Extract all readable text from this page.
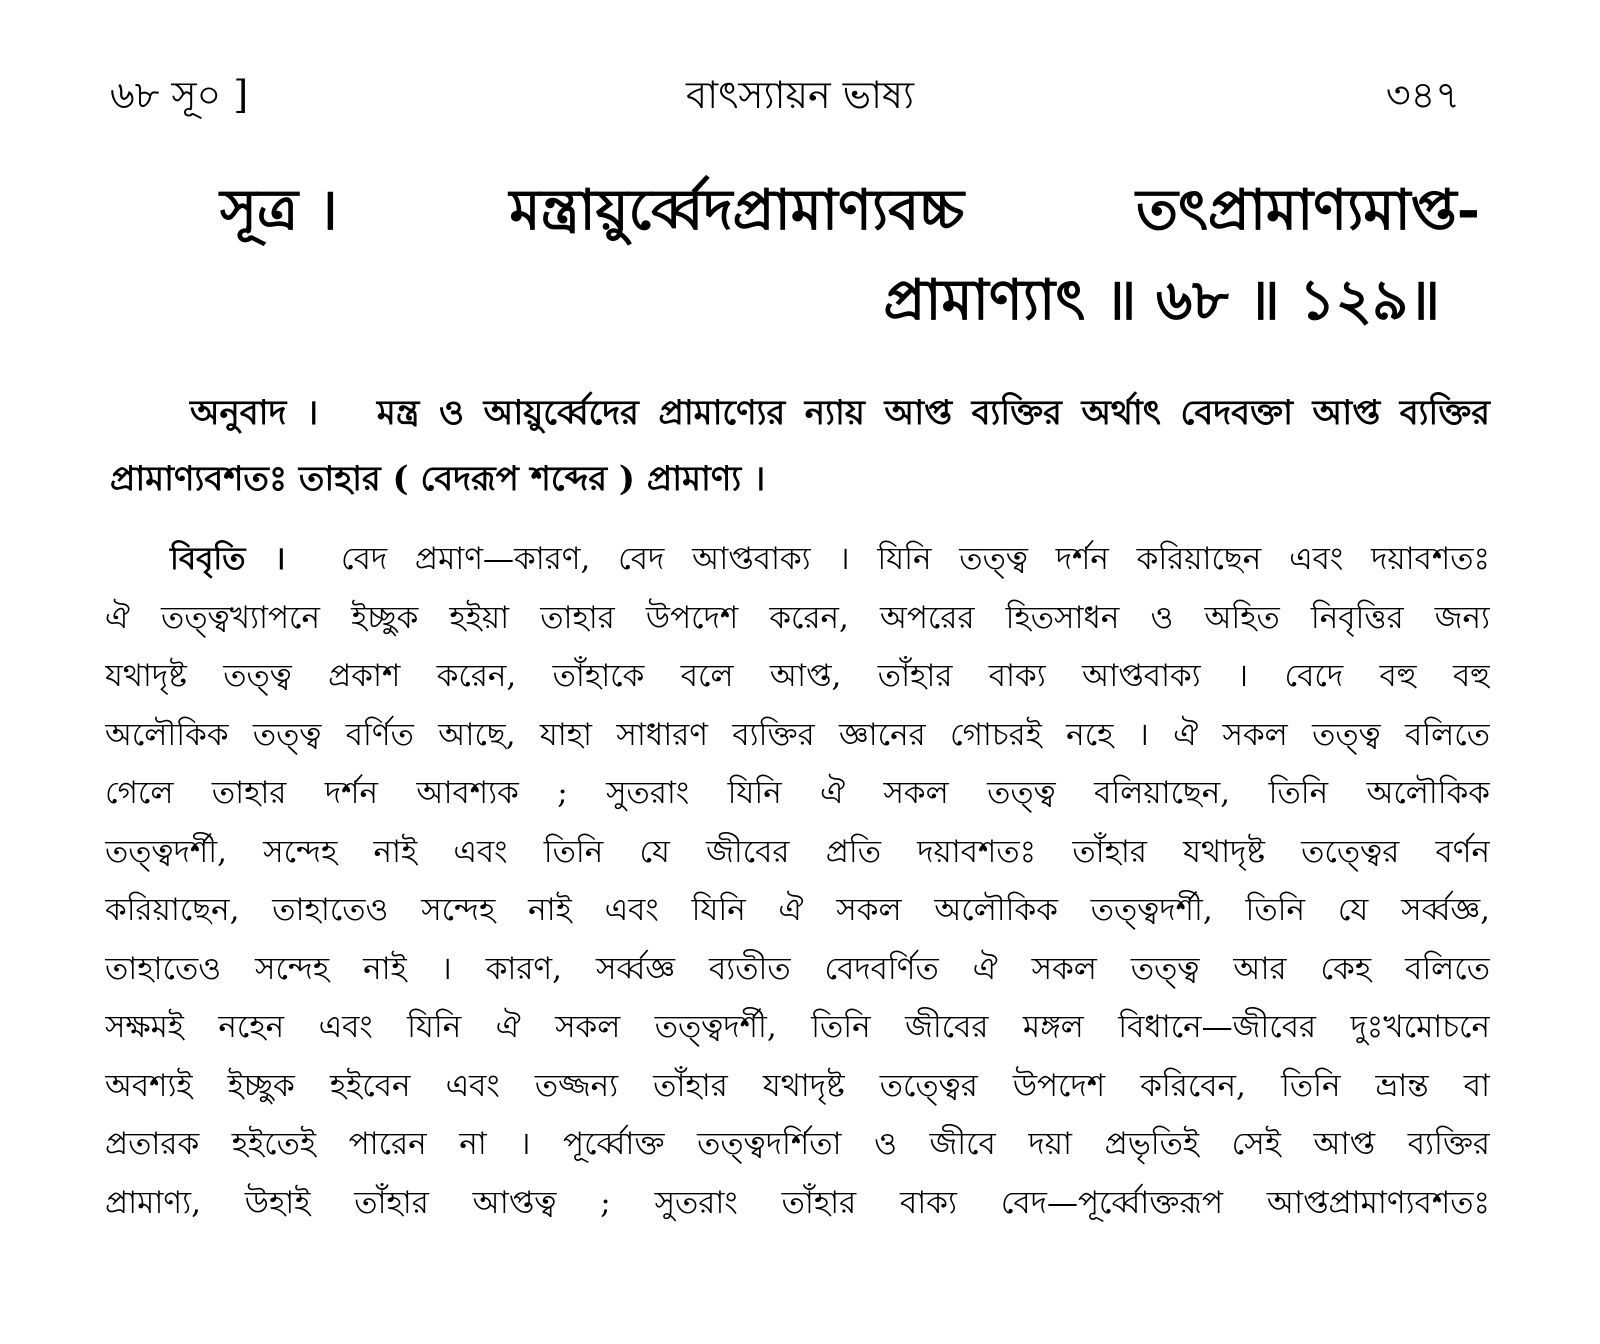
৬৮ সূ০ ]	বাৎস্যায়ন ভাষ্য	৩৪৭
সূত্র ।	মন্ত্রায়ুর্ব্বেদপ্রামাণ্যবচ্চ	তৎপ্রামাণ্যমাপ্ত-
প্রামাণ্যাৎ ॥ ৬৮ ॥ ১২৯॥
অনুবাদ । মন্ত্র ও আয়ুর্ব্বেদের প্রামাণ্যের ন্যায় আপ্ত ব্যক্তির অর্থাৎ বেদবক্তা আপ্ত ব্যক্তির প্রামাণ্যবশতঃ তাহার ( বেদরূপ শব্দের ) প্রামাণ্য ।
বিবৃতি । বেদ প্রমাণ—কারণ, বেদ আপ্তবাক্য । যিনি তত্ত্ব দর্শন করিয়াছেন এবং দয়াবশতঃ
ঐ তত্ত্বখ্যাপনে ইচ্ছুক হইয়া তাহার উপদেশ করেন, অপরের হিতসাধন ও অহিত নিবৃত্তির জন্য
যথাদৃষ্ট তত্ত্ব প্রকাশ করেন, তাঁহাকে বলে আপ্ত, তাঁহার বাক্য আপ্তবাক্য । বেদে বহু বহু
অলৌকিক তত্ত্ব বর্ণিত আছে, যাহা সাধারণ ব্যক্তির জ্ঞানের গোচরই নহে । ঐ সকল তত্ত্ব বলিতে
গেলে তাহার দর্শন আবশ্যক ; সুতরাং যিনি ঐ সকল তত্ত্ব বলিয়াছেন, তিনি অলৌকিক
তত্ত্বদর্শী, সন্দেহ নাই এবং তিনি যে জীবের প্রতি দয়াবশতঃ তাঁহার যথাদৃষ্ট তত্ত্বের বর্ণন
করিয়াছেন, তাহাতেও সন্দেহ নাই এবং যিনি ঐ সকল অলৌকিক তত্ত্বদর্শী, তিনি যে সর্ব্বজ্ঞ,
তাহাতেও সন্দেহ নাই । কারণ, সর্ব্বজ্ঞ ব্যতীত বেদবর্ণিত ঐ সকল তত্ত্ব আর কেহ বলিতে
সক্ষমই নহেন এবং যিনি ঐ সকল তত্ত্বদর্শী, তিনি জীবের মঙ্গল বিধানে—জীবের দুঃখমোচনে
অবশ্যই ইচ্ছুক হইবেন এবং তজ্জন্য তাঁহার যথাদৃষ্ট তত্ত্বের উপদেশ করিবেন, তিনি ভ্রান্ত বা
প্রতারক হইতেই পারেন না । পূর্ব্বোক্ত তত্ত্বদর্শিতা ও জীবে দয়া প্রভৃতিই সেই আপ্ত ব্যক্তির
প্রামাণ্য, উহাই তাঁহার আপ্তত্ব ; সুতরাং তাঁহার বাক্য বেদ—পূর্ব্বোক্তরূপ আপ্তপ্রামাণ্যবশতঃ
